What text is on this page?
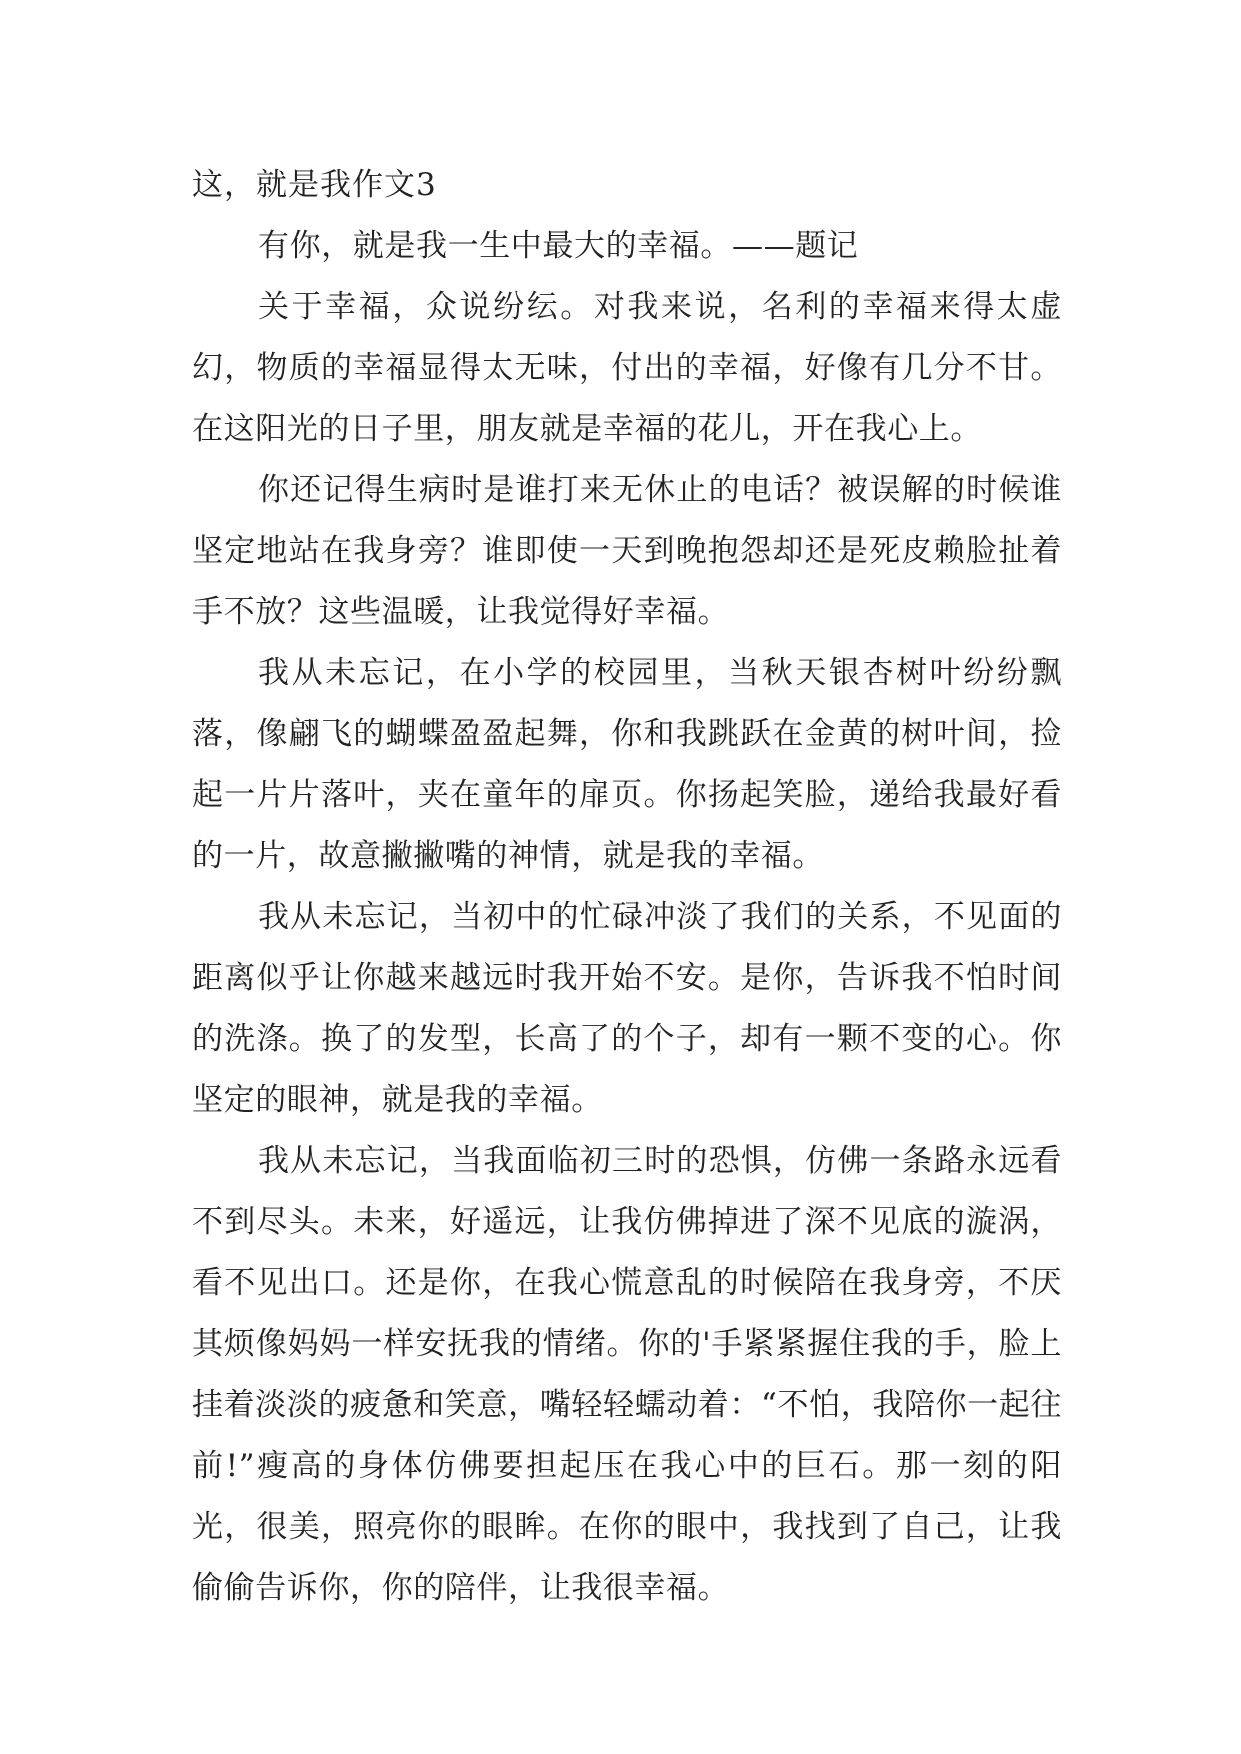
这，就是我作文3

有你，就是我一生中最大的幸福。——题记

关于幸福，众说纷纭。对我来说，名利的幸福来得太虚幻，物质的幸福显得太无味，付出的幸福，好像有几分不甘。在这阳光的日子里，朋友就是幸福的花儿，开在我心上。

你还记得生病时是谁打来无休止的电话？被误解的时候谁坚定地站在我身旁？谁即使一天到晚抱怨却还是死皮赖脸扯着手不放？这些温暖，让我觉得好幸福。

我从未忘记，在小学的校园里，当秋天银杏树叶纷纷飘落，像翩飞的蝴蝶盈盈起舞，你和我跳跃在金黄的树叶间，捡起一片片落叶，夹在童年的扉页。你扬起笑脸，递给我最好看的一片，故意撇撇嘴的神情，就是我的幸福。

我从未忘记，当初中的忙碌冲淡了我们的关系，不见面的距离似乎让你越来越远时我开始不安。是你，告诉我不怕时间的洗涤。换了的发型，长高了的个子，却有一颗不变的心。你坚定的眼神，就是我的幸福。

我从未忘记，当我面临初三时的恐惧，仿佛一条路永远看不到尽头。未来，好遥远，让我仿佛掉进了深不见底的漩涡，看不见出口。还是你，在我心慌意乱的时候陪在我身旁，不厌其烦像妈妈一样安抚我的情绪。你的'手紧紧握住我的手，脸上挂着淡淡的疲惫和笑意，嘴轻轻蠕动着：“不怕，我陪你一起往前!”瘦高的身体仿佛要担起压在我心中的巨石。那一刻的阳光，很美，照亮你的眼眸。在你的眼中，我找到了自己，让我偷偷告诉你，你的陪伴，让我很幸福。
